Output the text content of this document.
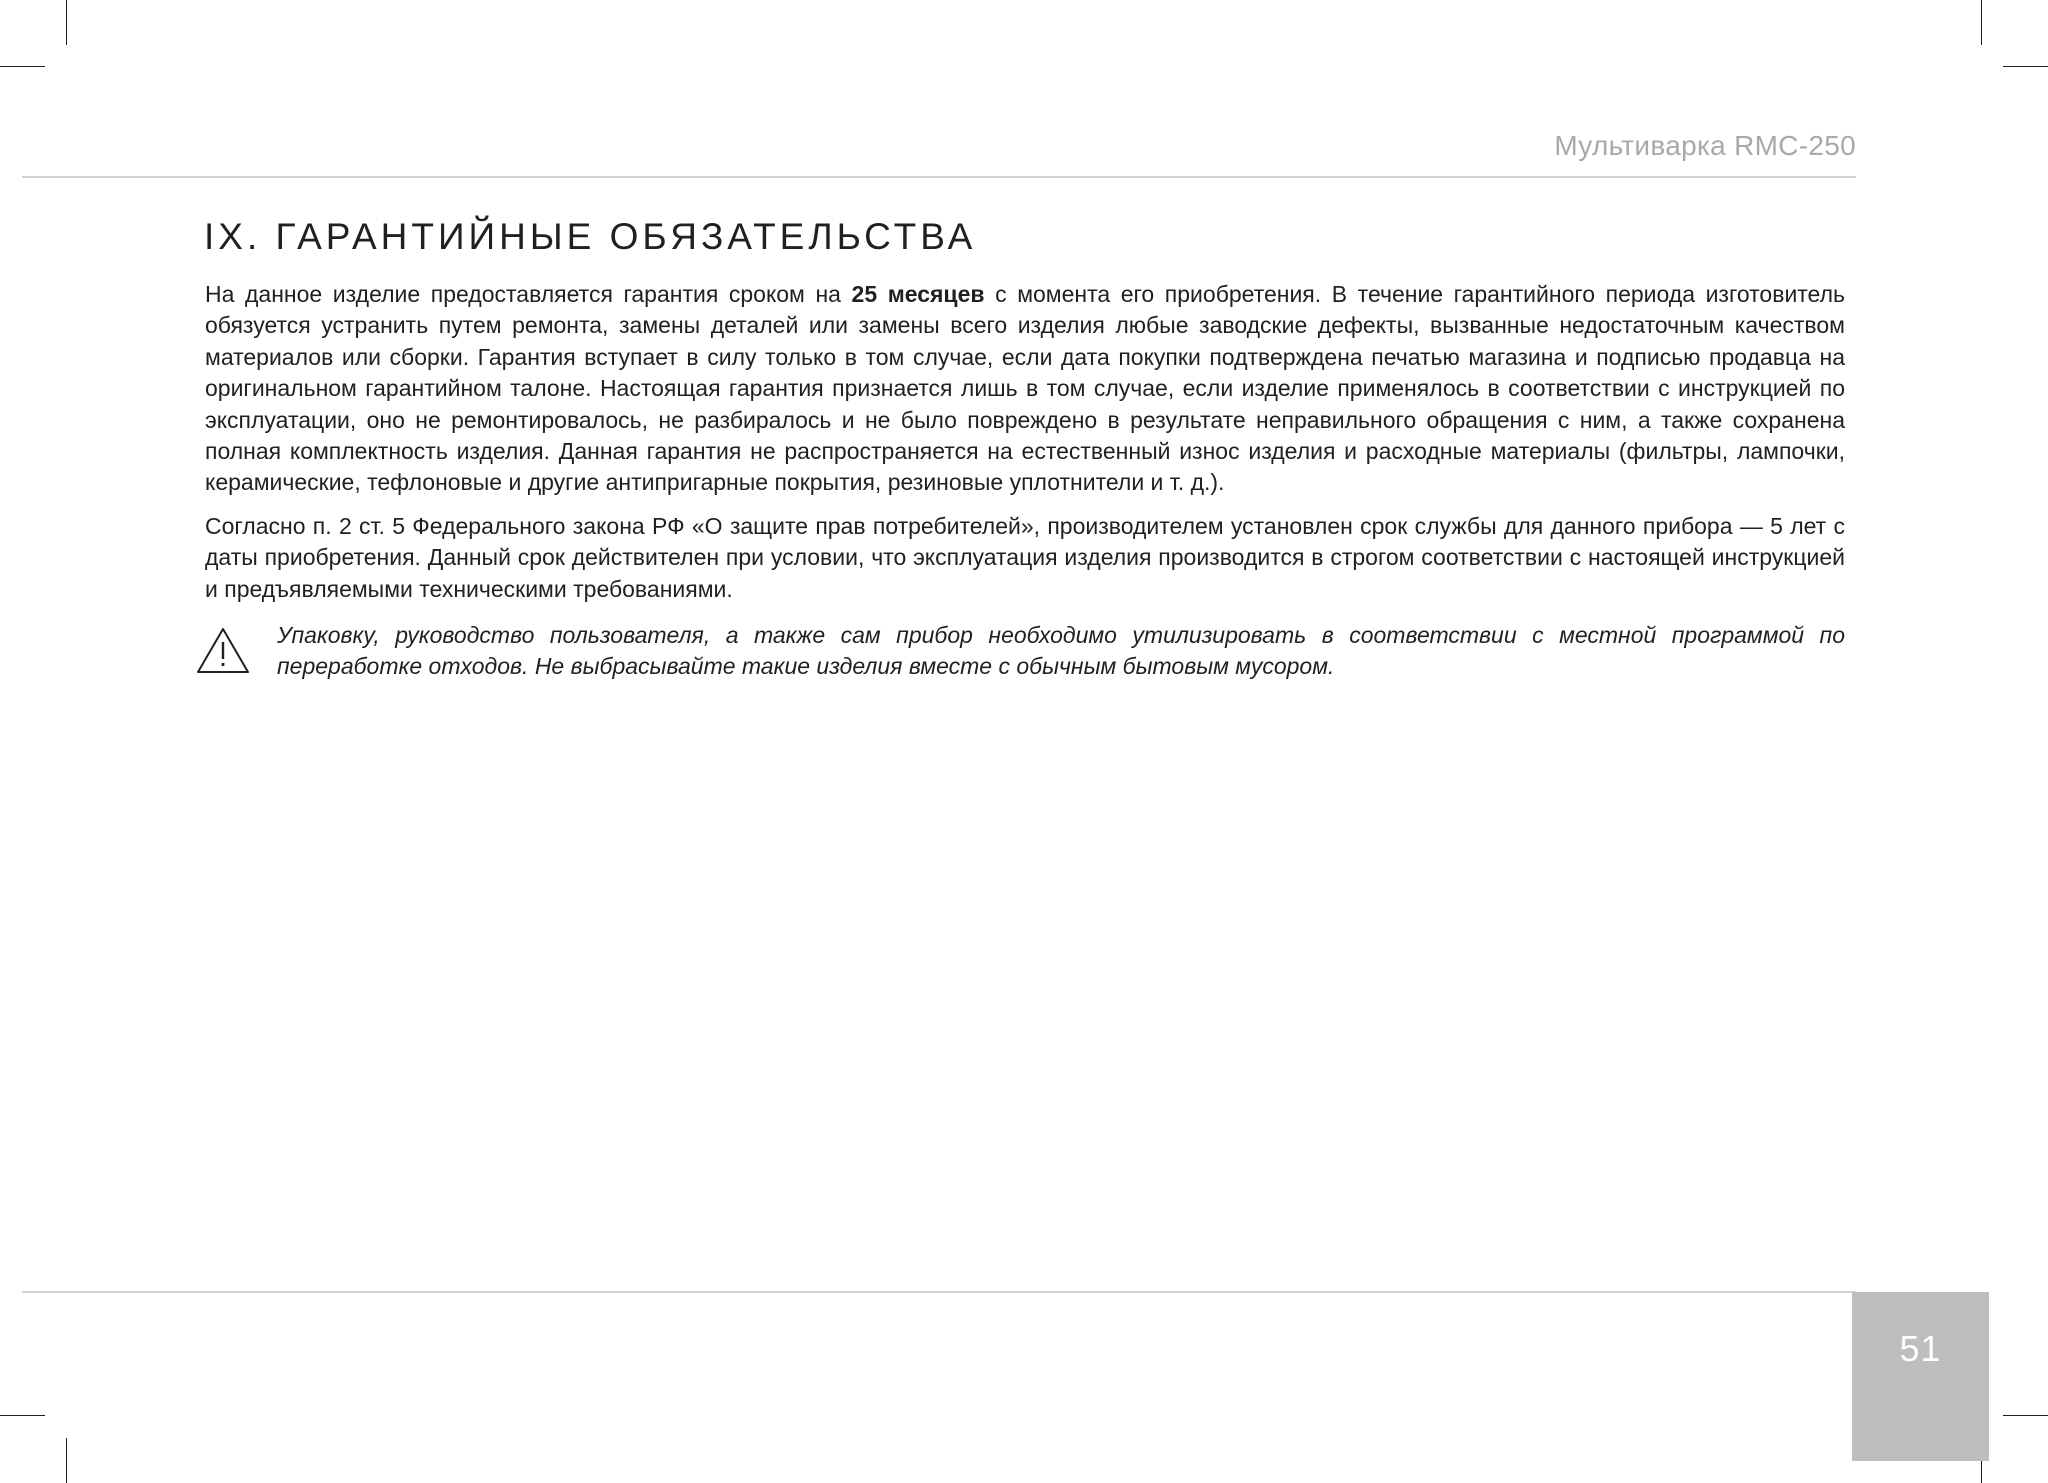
Мультиварка RMC-250
IX. ГАРАНТИЙНЫЕ ОБЯЗАТЕЛЬСТВА

На данное изделие предоставляется гарантия сроком на 25 месяцев с момента его приобретения. В течение гарантийного периода изготовитель обязуется устранить путем ремонта, замены деталей или замены всего изделия любые заводские дефекты, вызванные недостаточным качеством материалов или сборки. Гарантия вступает в силу только в том случае, если дата покупки подтверждена печатью магазина и подписью продавца на оригинальном гарантийном талоне. Настоящая гарантия признается лишь в том случае, если изделие применялось в соответствии с инструкцией по эксплуатации, оно не ремонтировалось, не разбиралось и не было повреждено в результате неправильного обращения с ним, а также сохранена полная комплектность изделия. Данная гарантия не распространяется на естественный износ изделия и расходные материалы (фильтры, лампочки, керамические, тефлоновые и другие антипригарные покрытия, резиновые уплотнители и т. д.).

Согласно п. 2 ст. 5 Федерального закона РФ «О защите прав потребителей», производителем установлен срок службы для данного прибора — 5 лет с даты приобретения. Данный срок действителен при условии, что эксплуатация изделия производится в строгом соответствии с настоящей инструкцией и предъявляемыми техническими требованиями.

Упаковку, руководство пользователя, а также сам прибор необходимо утилизировать в соответствии с местной программой по переработке отходов. Не выбрасывайте такие изделия вместе с обычным бытовым мусором.

51
